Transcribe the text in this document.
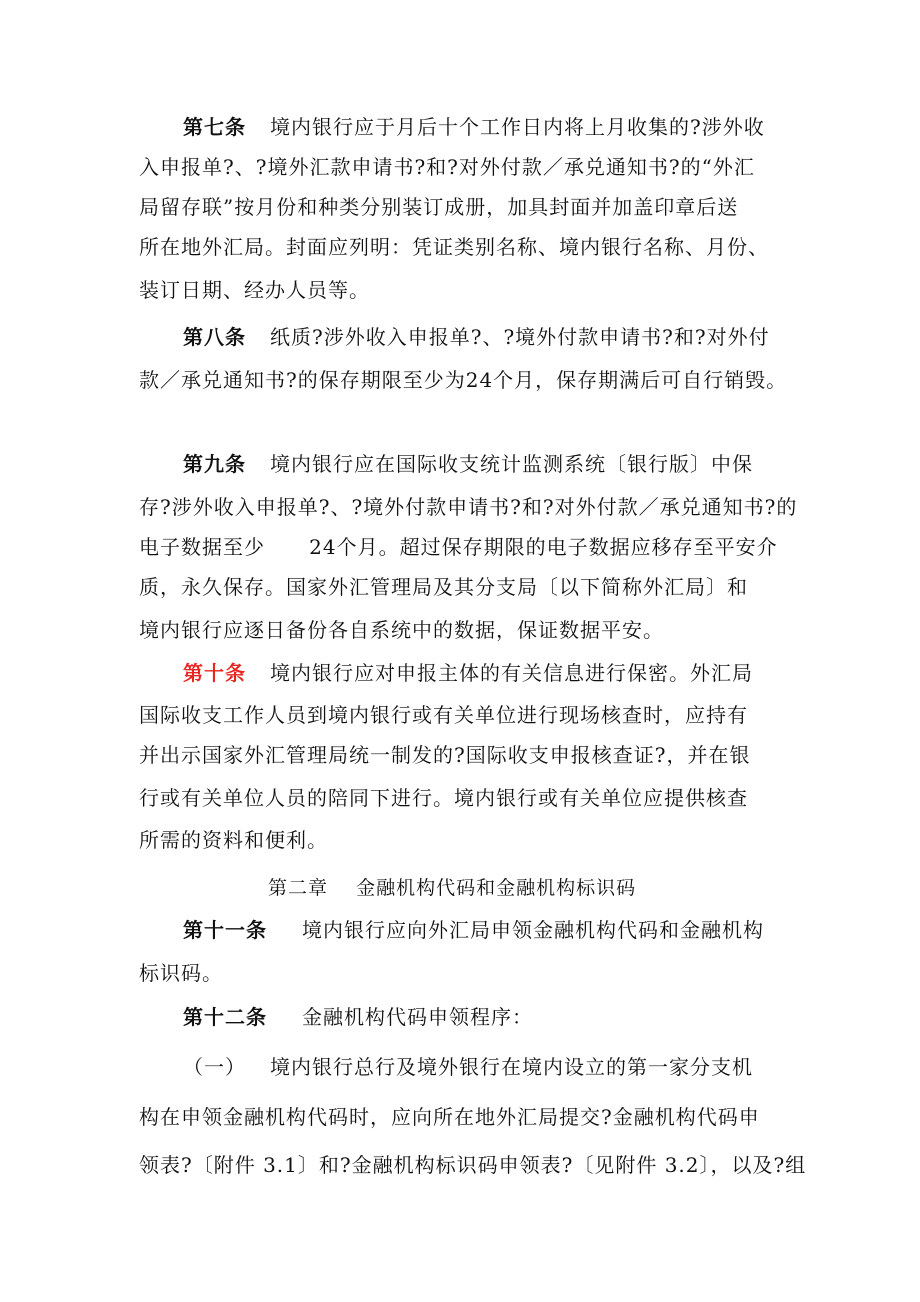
第七条 境内银行应于月后十个工作日内将上月收集的?涉外收
入申报单?、?境外汇款申请书?和?对外付款／承兑通知书?的“外汇
局留存联”按月份和种类分别装订成册，加具封面并加盖印章后送
所在地外汇局。封面应列明：凭证类别名称、境内银行名称、月份、
装订日期、经办人员等。
第八条 纸质?涉外收入申报单?、?境外付款申请书?和?对外付
款／承兑通知书?的保存期限至少为24个月，保存期满后可自行销毁。
第九条 境内银行应在国际收支统计监测系统〔银行版〕中保
存?涉外收入申报单?、?境外付款申请书?和?对外付款／承兑通知书?的
电子数据至少      24个月。超过保存期限的电子数据应移存至平安介
质，永久保存。国家外汇管理局及其分支局〔以下简称外汇局〕和
境内银行应逐日备份各自系统中的数据，保证数据平安。
第十条 境内银行应对申报主体的有关信息进行保密。外汇局
国际收支工作人员到境内银行或有关单位进行现场核查时，应持有
并出示国家外汇管理局统一制发的?国际收支申报核查证?，并在银
行或有关单位人员的陪同下进行。境内银行或有关单位应提供核查
所需的资料和便利。
第二章    金融机构代码和金融机构标识码
第十一条 境内银行应向外汇局申领金融机构代码和金融机构
标识码。
第十二条 金融机构代码申领程序：
（一） 境内银行总行及境外银行在境内设立的第一家分支机
构在申领金融机构代码时，应向所在地外汇局提交?金融机构代码申
领表?〔附件 3.1〕和?金融机构标识码申领表?〔见附件 3.2〕，以及?组
